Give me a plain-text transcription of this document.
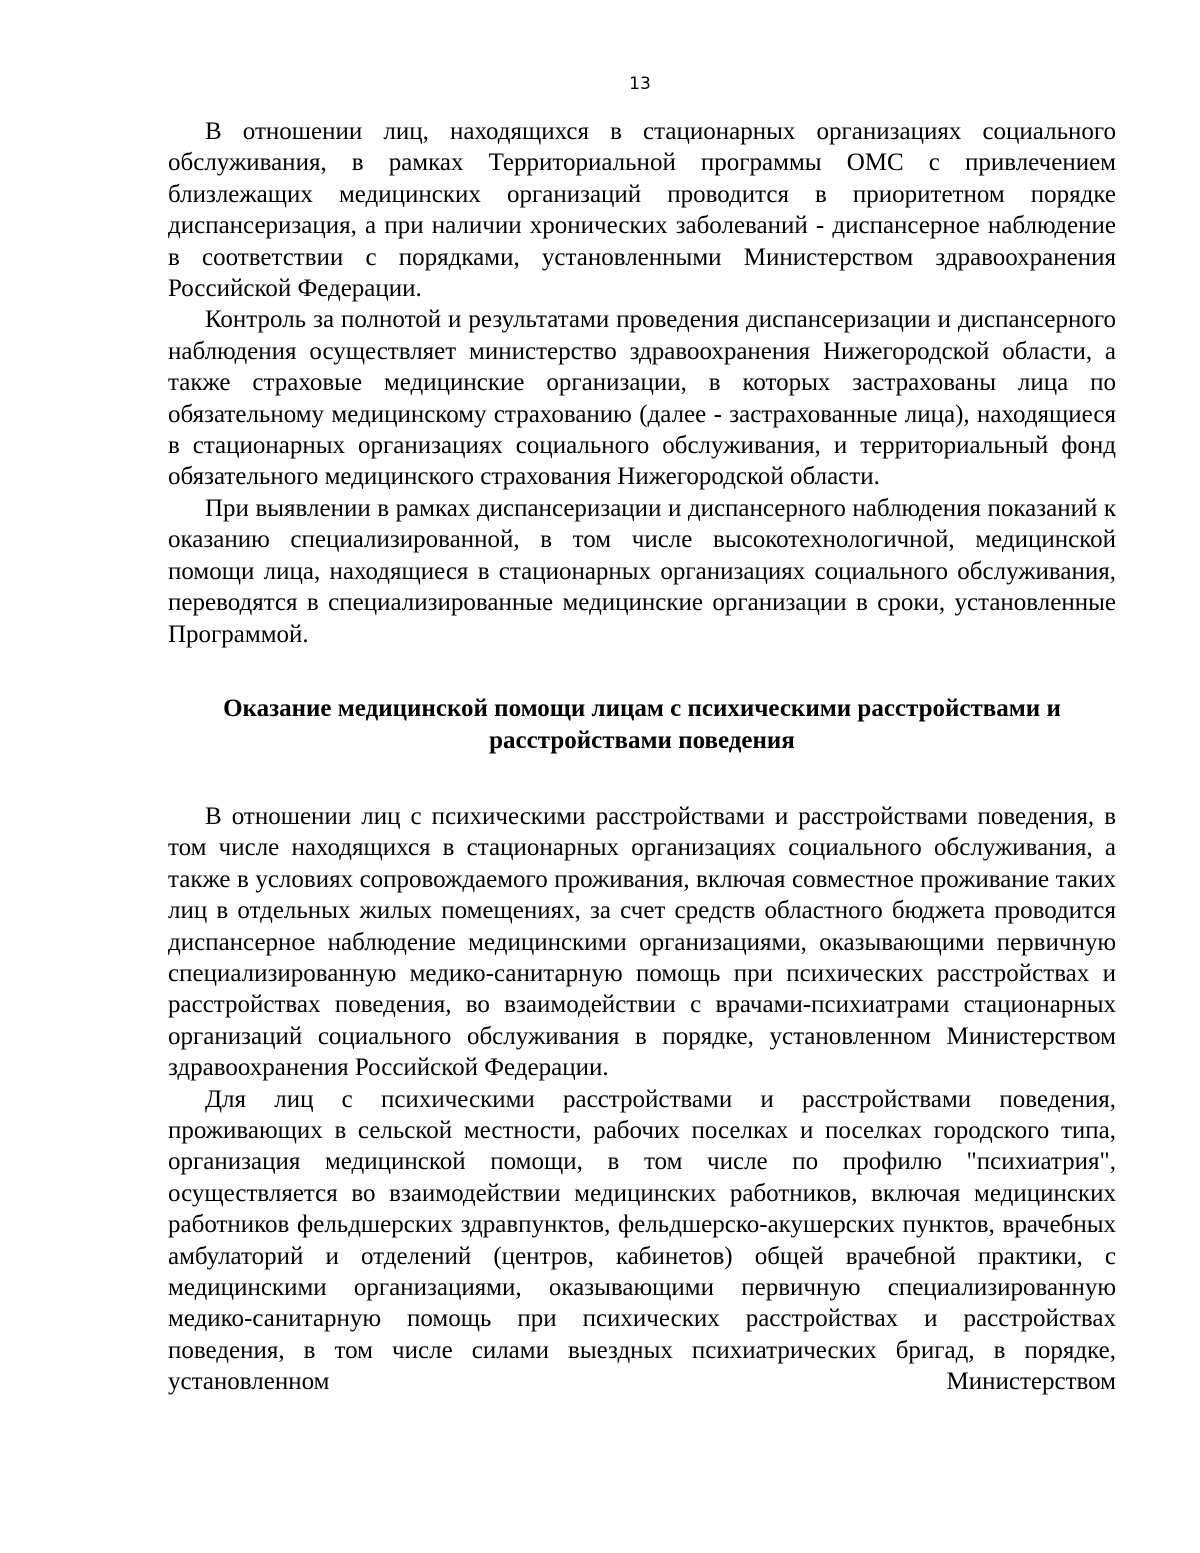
13

В отношении лиц, находящихся в стационарных организациях социального обслуживания, в рамках Территориальной программы ОМС с привлечением близлежащих медицинских организаций проводится в приоритетном порядке диспансеризация, а при наличии хронических заболеваний - диспансерное наблюдение в соответствии с порядками, установленными Министерством здравоохранения Российской Федерации.

Контроль за полнотой и результатами проведения диспансеризации и диспансерного наблюдения осуществляет министерство здравоохранения Нижегородской области, а также страховые медицинские организации, в которых застрахованы лица по обязательному медицинскому страхованию (далее - застрахованные лица), находящиеся в стационарных организациях социального обслуживания, и территориальный фонд обязательного медицинского страхования Нижегородской области.

При выявлении в рамках диспансеризации и диспансерного наблюдения показаний к оказанию специализированной, в том числе высокотехнологичной, медицинской помощи лица, находящиеся в стационарных организациях социального обслуживания, переводятся в специализированные медицинские организации в сроки, установленные Программой.

Оказание медицинской помощи лицам с психическими расстройствами и
расстройствами поведения

В отношении лиц с психическими расстройствами и расстройствами поведения, в том числе находящихся в стационарных организациях социального обслуживания, а также в условиях сопровождаемого проживания, включая совместное проживание таких лиц в отдельных жилых помещениях, за счет средств областного бюджета проводится диспансерное наблюдение медицинскими организациями, оказывающими первичную специализированную медико-санитарную помощь при психических расстройствах и расстройствах поведения, во взаимодействии с врачами-психиатрами стационарных организаций социального обслуживания в порядке, установленном Министерством здравоохранения Российской Федерации.

Для лиц с психическими расстройствами и расстройствами поведения, проживающих в сельской местности, рабочих поселках и поселках городского типа, организация медицинской помощи, в том числе по профилю "психиатрия", осуществляется во взаимодействии медицинских работников, включая медицинских работников фельдшерских здравпунктов, фельдшерско-акушерских пунктов, врачебных амбулаторий и отделений (центров, кабинетов) общей врачебной практики, с медицинскими организациями, оказывающими первичную специализированную медико-санитарную помощь при психических расстройствах и расстройствах поведения, в том числе силами выездных психиатрических бригад, в порядке, установленном Министерством
